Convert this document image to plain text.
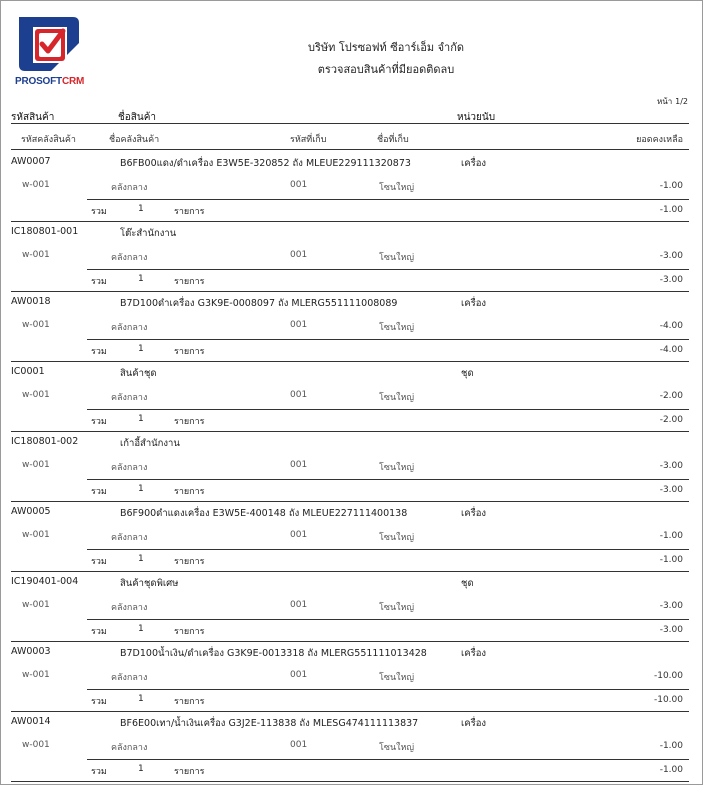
PROSOFTCRM
บริษัท โปรซอฟท์ ซีอาร์เอ็ม จำกัด
ตรวจสอบสินค้าที่มียอดติดลบ
หน้า 1/2
รหัสสินค้า	ชื่อสินค้า	หน่วยนับ
รหัสคลังสินค้า	ชื่อคลังสินค้า	รหัสที่เก็บ	ชื่อที่เก็บ	ยอดคงเหลือ
AW0007	B6FB00แดง/ดำเครื่อง E3W5E-320852 ถัง MLEUE229111320873	เครื่อง
w-001	คลังกลาง	001	โซนใหญ่	-1.00
รวม	1	รายการ	-1.00
IC180801-001	โต๊ะสำนักงาน
w-001	คลังกลาง	001	โซนใหญ่	-3.00
รวม	1	รายการ	-3.00
AW0018	B7D100ดำเครื่อง G3K9E-0008097 ถัง MLERG551111008089	เครื่อง
w-001	คลังกลาง	001	โซนใหญ่	-4.00
รวม	1	รายการ	-4.00
IC0001	สินค้าชุด	ชุด
w-001	คลังกลาง	001	โซนใหญ่	-2.00
รวม	1	รายการ	-2.00
IC180801-002	เก้าอี้สำนักงาน
w-001	คลังกลาง	001	โซนใหญ่	-3.00
รวม	1	รายการ	-3.00
AW0005	B6F900ดำแดงเครื่อง E3W5E-400148 ถัง MLEUE227111400138	เครื่อง
w-001	คลังกลาง	001	โซนใหญ่	-1.00
รวม	1	รายการ	-1.00
IC190401-004	สินค้าชุดพิเศษ	ชุด
w-001	คลังกลาง	001	โซนใหญ่	-3.00
รวม	1	รายการ	-3.00
AW0003	B7D100น้ำเงิน/ดำเครื่อง G3K9E-0013318 ถัง MLERG551111013428	เครื่อง
w-001	คลังกลาง	001	โซนใหญ่	-10.00
รวม	1	รายการ	-10.00
AW0014	BF6E00เทา/น้ำเงินเครื่อง G3J2E-113838 ถัง MLESG474111113837	เครื่อง
w-001	คลังกลาง	001	โซนใหญ่	-1.00
รวม	1	รายการ	-1.00
